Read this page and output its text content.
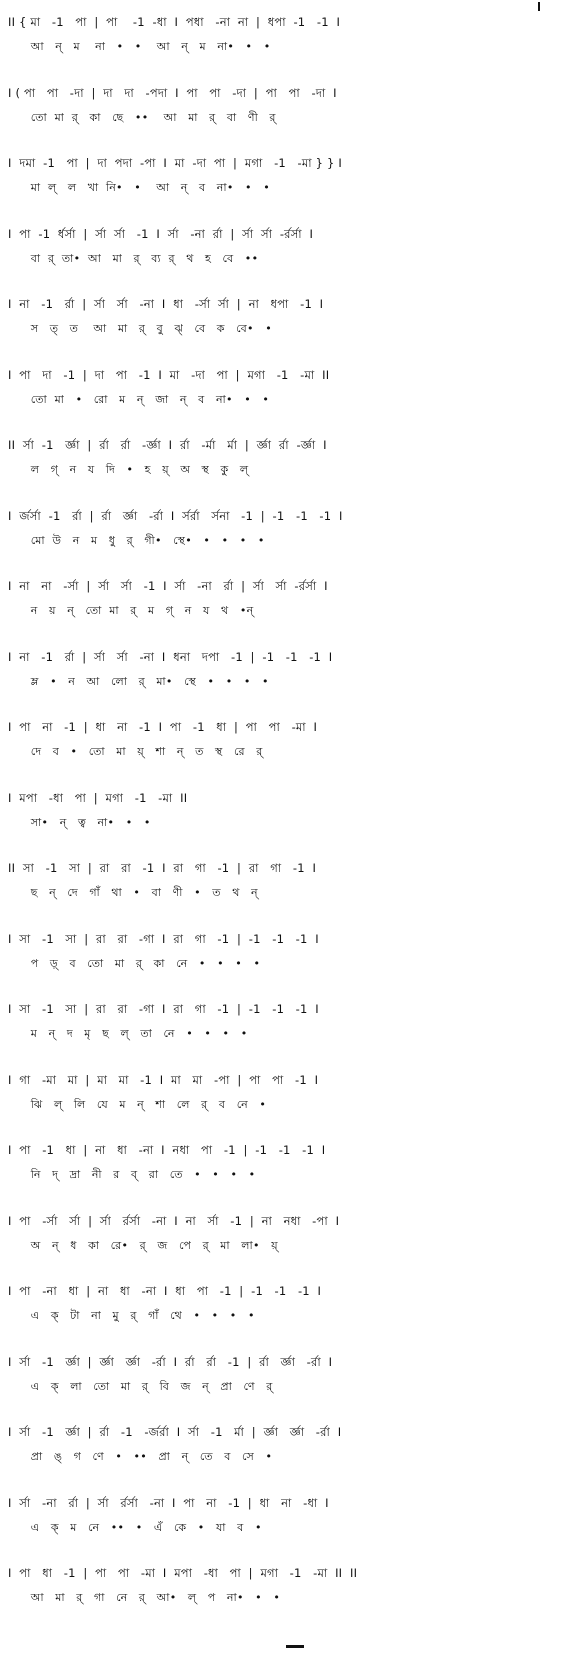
II { মা   -1   পা  |  পা    -1  -ধা  I  পধা   -না  না  |  ধপা  -1   -1  I
আ   ন্   ম    না   •   •    আ   ন্   ম   না•   •   •
I ( পা   পা   -দা  |  দা   দা   -পদা  I  পা   পা   -দা  |  পা   পা   -দা  I
তো  মা  র্   কা   ছে   ••    আ   মা   র্   বা   ণী   র্
I  দমা  -1   পা  |  দা  পদা  -পা  I  মা  -দা  পা  |  মগা   -1   -মা } } I
মা  ল্   ল   খা  নি•   •    আ   ন্   ব   না•   •   •
I  পা  -1  র্ধর্সা  |  র্সা  র্সা   -1  I  র্সা   -না  র্রা  |  র্সা  র্সা  -র্রর্সা  I
বা  র্  তা•  আ   মা   র্   ব্য  র্   থ   হ   বে   ••
I  না   -1   র্রা  |  র্সা   র্সা   -না  I  ধা   -র্সা  র্সা  |  না   ধপা   -1  I
স   ত্   ত    আ   মা   র্   বু   ঝ্   বে   ক   বে•   •
I  পা   দা   -1  |  দা   পা   -1  I  মা   -দা   পা  |  মগা   -1   -মা  II
তো  মা   •   রো   ম   ন্   জা   ন্   ব   না•   •   •
II  র্সা  -1   র্জ্ঞা  |  র্রা   র্রা   -র্জ্ঞা  I  র্রা   -র্মা   র্মা  |  র্জ্ঞা  র্রা  -র্জ্ঞা  I
ল   গ্   ন   য   দি   •   হ   য়্   অ   স্থ   কু   ল্
I  র্জর্সা  -1   র্রা  |  র্রা   র্জ্ঞা   -র্রা  I  র্সর্রা   র্সনা   -1  |  -1   -1   -1  I
মো  উ   ন   ম   ধু   র্   গী•   স্থে•   •   •   •   •
I  না   না   -র্সা  |  র্সা   র্সা   -1  I  র্সা   -না   র্রা  |  র্সা   র্সা  -র্রর্সা  I
ন   য়   ন্   তো  মা   র্   ম   গ্   ন   য   থ   •ন্
I  না   -1   র্রা  |  র্সা   র্সা   -না  I  ধনা   দপা   -1  |  -1   -1   -1  I
ম্ল   •   ন   আ   লো   র্   মা•   স্থে   •   •   •   •
I  পা   না   -1  |  ধা   না   -1  I  পা   -1   ধা  |  পা   পা   -মা  I
দে   ব   •   তো   মা   য়্   শা   ন্   ত   স্থ   রে   র্
I  মপা   -ধা   পা  |  মগা   -1   -মা  II
সা•   ন্   ত্ব   না•   •   •
II  সা   -1   সা  |  রা   রা   -1  I  রা   গা   -1  |  রা   গা   -1  I
ছ   ন্   দে   গাঁ   থা   •   বা   ণী   •   ত   থ   ন্
I  সা   -1   সা  |  রা   রা   -গা  I  রা   গা   -1  |  -1   -1   -1  I
প   ড়্   ব   তো   মা   র্   কা   নে   •   •   •   •
I  সা   -1   সা  |  রা   রা   -গা  I  রা   গা   -1  |  -1   -1   -1  I
ম   ন্   দ   মৃ   ছ   ল্   তা   নে   •   •   •   •
I  গা   -মা   মা  |  মা   মা   -1  I  মা   মা   -পা  |  পা   পা   -1  I
ঝি   ল্   লি   যে   ম   ন্   শা   লে   র্   ব   নে   •
I  পা   -1   ধা  |  না   ধা   -না  I  নধা   পা   -1  |  -1   -1   -1  I
নি   দ্   দ্রা   নী   র   ব্   রা   তে   •   •   •   •
I  পা   -র্সা   র্সা  |  র্সা   র্রর্সা   -না  I  না   র্সা   -1  |  না   নধা   -পা  I
অ   ন্   ধ   কা   রে•   র্   জ   পে   র্   মা   লা•   য়্
I  পা   -না   ধা  |  না   ধা   -না  I  ধা   পা   -1  |  -1   -1   -1  I
এ   ক্   টা   না   মু   র্   গাঁ   থে   •   •   •   •
I  র্সা   -1   র্জ্ঞা  |  র্জ্ঞা   র্জ্ঞা   -র্রা  I  র্রা   র্রা   -1  |  র্রা   র্জ্ঞা   -র্রা  I
এ   ক্   লা   তো   মা   র্   বি   জ   ন্   প্রা   ণে   র্
I  র্সা   -1   র্জ্ঞা  |  র্রা   -1   -র্জর্রা  I  র্সা   -1   র্মা  |  র্জ্ঞা   র্জ্ঞা   -র্রা  I
প্রা   ঙ্   গ   ণে   •   ••   প্রা   ন্   তে   ব   সে   •
I  র্সা   -না   র্রা  |  র্সা   র্রর্সা   -না  I  পা   না   -1  |  ধা   না   -ধা  I
এ   ক্   ম   নে   ••   •   এঁ   কে   •   যা   ব   •
I  পা   ধা   -1  |  পা   পা   -মা  I  মপা   -ধা   পা  |  মগা   -1   -মা  II  II
আ   মা   র্   গা   নে   র্   আ•   ল্   প   না•   •   •
